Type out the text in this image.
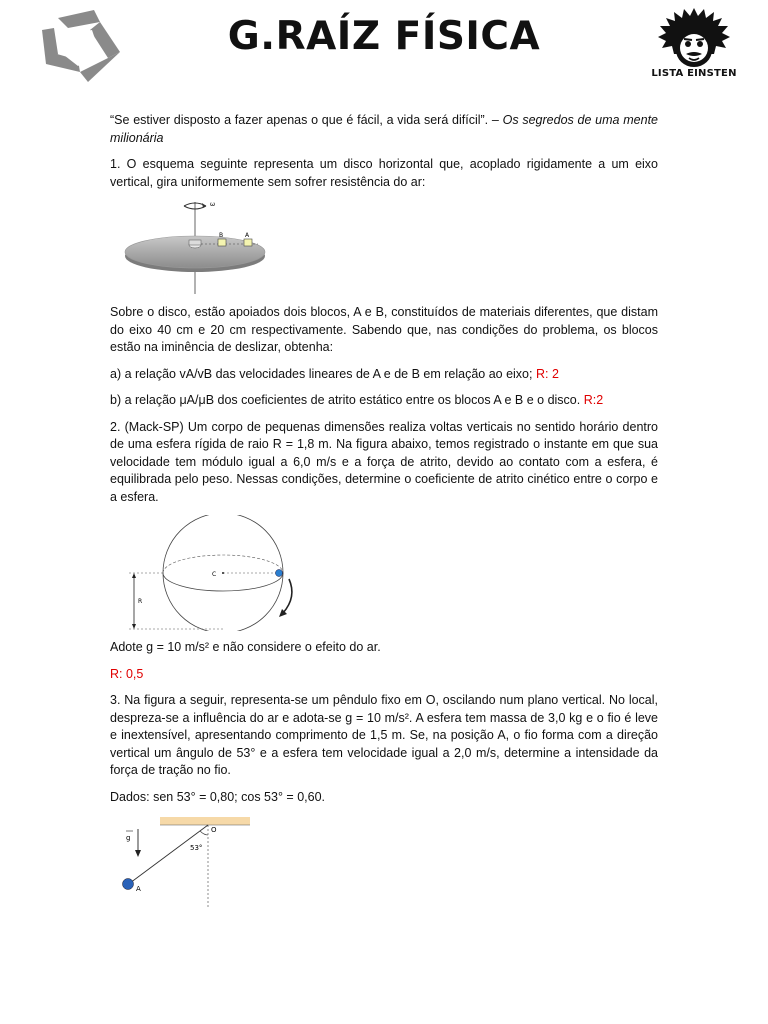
G.RAÍZ FÍSICA
LISTA EINSTEN

“Se estiver disposto a fazer apenas o que é fácil, a vida será difícil”. – Os segredos de uma mente milionária

1. O esquema seguinte representa um disco horizontal que, acoplado rigidamente a um eixo vertical, gira uniformemente sem sofrer resistência do ar:

ω
B	A

Sobre o disco, estão apoiados dois blocos, A e B, constituídos de materiais diferentes, que distam do eixo 40 cm e 20 cm respectivamente. Sabendo que, nas condições do problema, os blocos estão na iminência de deslizar, obtenha:

a) a relação vA/vB das velocidades lineares de A e de B em relação ao eixo; R: 2

b) a relação μA/μB dos coeficientes de atrito estático entre os blocos A e B e o disco. R:2

2. (Mack-SP) Um corpo de pequenas dimensões realiza voltas verticais no sentido horário dentro de uma esfera rígida de raio R = 1,8 m. Na figura abaixo, temos registrado o instante em que sua velocidade tem módulo igual a 6,0 m/s e a força de atrito, devido ao contato com a esfera, é equilibrada pelo peso. Nessas condições, determine o coeficiente de atrito cinético entre o corpo e a esfera.

C
R

Adote g = 10 m/s² e não considere o efeito do ar.

R: 0,5

3. Na figura a seguir, representa-se um pêndulo fixo em O, oscilando num plano vertical. No local, despreza-se a influência do ar e adota-se g = 10 m/s². A esfera tem massa de 3,0 kg e o fio é leve e inextensível, apresentando comprimento de 1,5 m. Se, na posição A, o fio forma com a direção vertical um ângulo de 53° e a esfera tem velocidade igual a 2,0 m/s, determine a intensidade da força de tração no fio.

Dados: sen 53° = 0,80; cos 53° = 0,60.

53°
O
A
g
